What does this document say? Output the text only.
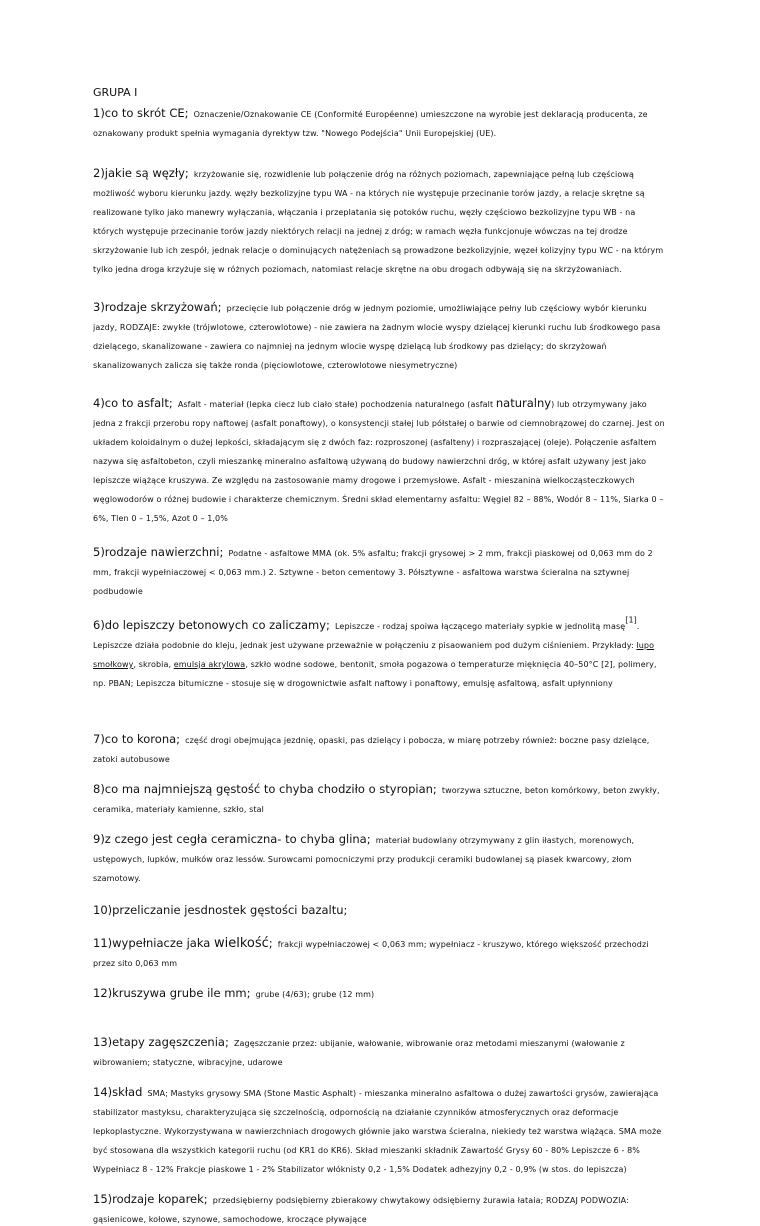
GRUPA I

1)co to skrót CE; Oznaczenie/Oznakowanie CE (Conformité Européenne) umieszczone na wyrobie jest deklaracją producenta, ze oznakowany produkt spełnia wymagania dyrektyw tzw. "Nowego Podejścia" Unii Europejskiej (UE).

2)jakie są węzły; krzyżowanie się, rozwidlenie lub połączenie dróg na różnych poziomach, zapewniające pełną lub częściową możliwość wyboru kierunku jazdy. węzły bezkolizyjne typu WA - na których nie występuje przecinanie torów jazdy, a relacje skrętne są realizowane tylko jako manewry wyłączania, włączania i przeplatania się potoków ruchu, węzły częściowo bezkolizyjne typu WB - na których występuje przecinanie torów jazdy niektórych relacji na jednej z dróg; w ramach węzła funkcjonuje wówczas na tej drodze skrzyżowanie lub ich zespół, jednak relacje o dominujących natężeniach są prowadzone bezkolizyjnie, węzeł kolizyjny typu WC - na którym tylko jedna droga krzyżuje się w różnych poziomach, natomiast relacje skrętne na obu drogach odbywają się na skrzyżowaniach.

3)rodzaje skrzyżowań; przecięcie lub połączenie dróg w jednym poziomie, umożliwiające pełny lub częściowy wybór kierunku jazdy, RODZAJE: zwykłe (trójwlotowe, czterowlotowe) - nie zawiera na żadnym wlocie wyspy dzielącej kierunki ruchu lub środkowego pasa dzielącego, skanalizowane - zawiera co najmniej na jednym wlocie wyspę dzielącą lub środkowy pas dzielący; do skrzyżowań skanalizowanych zalicza się także ronda (pięciowlotowe, czterowlotowe niesymetryczne)

4)co to asfalt; Asfalt - materiał (lepka ciecz lub ciało stałe) pochodzenia naturalnego (asfalt naturalny) lub otrzymywany jako jedna z frakcji przerobu ropy naftowej (asfalt ponaftowy), o konsystencji stałej lub półstałej o barwie od ciemnobrązowej do czarnej. Jest on układem koloidalnym o dużej lepkości, składającym się z dwóch faz: rozproszonej (asfalteny) i rozpraszającej (oleje). Połączenie asfaltem nazywa się asfaltobeton, czyli mieszankę mineralno asfaltową używaną do budowy nawierzchni dróg, w której asfalt używany jest jako lepiszcze wiążące kruszywa. Ze względu na zastosowanie mamy drogowe i przemysłowe. Asfalt - mieszanina wielkocząsteczkowych węglowodorów o różnej budowie i charakterze chemicznym. Średni skład elementarny asfaltu: Węgiel 82 – 88%, Wodór 8 – 11%, Siarka 0 – 6%, Tlen 0 – 1,5%, Azot 0 – 1,0%

5)rodzaje nawierzchni; Podatne - asfaltowe MMA (ok. 5% asfaltu; frakcji grysowej > 2 mm, frakcji piaskowej od 0,063 mm do 2 mm, frakcji wypełniaczowej < 0,063 mm.) 2. Sztywne - beton cementowy 3. Półsztywne - asfaltowa warstwa ścieralna na sztywnej podbudowie

6)do lepiszczy betonowych co zaliczamy; Lepiszcze - rodzaj spoiwa łączącego materiały sypkie w jednolitą masę[1]. Lepiszcze działa podobnie do kleju, jednak jest używane przeważnie w połączeniu z pisaowaniem pod dużym ciśnieniem. Przykłady: lupo smołkowy, skrobia, emulsja akrylowa, szkło wodne sodowe, bentonit, smoła pogazowa o temperaturze mięknięcia 40–50°C [2], polimery, np. PBAN; Lepiszcza bitumiczne - stosuje się w drogownictwie asfalt naftowy i ponaftowy, emulsję asfaltową, asfalt upłynniony

7)co to korona; część drogi obejmująca jezdnię, opaski, pas dzielący i pobocza, w miarę potrzeby również: boczne pasy dzielące, zatoki autobusowe

8)co ma najmniejszą gęstość to chyba chodziło o styropian; tworzywa sztuczne, beton komórkowy, beton zwykły, ceramika, materiały kamienne, szkło, stal

9)z czego jest cegła ceramiczna- to chyba glina; materiał budowlany otrzymywany z glin iłastych, morenowych, ustępowych, lupków, mułków oraz lessów. Surowcami pomocniczymi przy produkcji ceramiki budowlanej są piasek kwarcowy, złom szamotowy.

10)przeliczanie jesdnostek gęstości bazaltu;

11)wypełniacze jaka wielkość; frakcji wypełniaczowej < 0,063 mm; wypełniacz - kruszywo, którego większość przechodzi przez sito 0,063 mm

12)kruszywa grube ile mm; grube (4/63); grube (12 mm)

13)etapy zagęszczenia; Zagęszczanie przez: ubijanie, wałowanie, wibrowanie oraz metodami mieszanymi (wałowanie z wibrowaniem; statyczne, wibracyjne, udarowe

14)skład SMA; Mastyks grysowy SMA (Stone Mastic Asphalt) - mieszanka mineralno asfaltowa o dużej zawartości grysów, zawierająca stabilizator mastyksu, charakteryzująca się szczelnością, odpornością na działanie czynników atmosferycznych oraz deformacje lepkoplastyczne. Wykorzystywana w nawierzchniach drogowych głównie jako warstwa ścieralna, niekiedy też warstwa wiążąca. SMA może być stosowana dla wszystkich kategorii ruchu (od KR1 do KR6). Skład mieszanki składnik Zawartość Grysy 60 - 80% Lepiszcze 6 - 8% Wypełniacz 8 - 12% Frakcje piaskowe 1 - 2% Stabilizator włóknisty 0,2 - 1,5% Dodatek adhezyjny 0,2 - 0,9% (w stos. do lepiszcza)

15)rodzaje koparek; przedsiębierny podsiębierny zbierakowy chwytakowy odsiębierny żurawia łataia; RODZAJ PODWOZIA: gąsienicowe, kołowe, szynowe, samochodowe, kroczące pływające
